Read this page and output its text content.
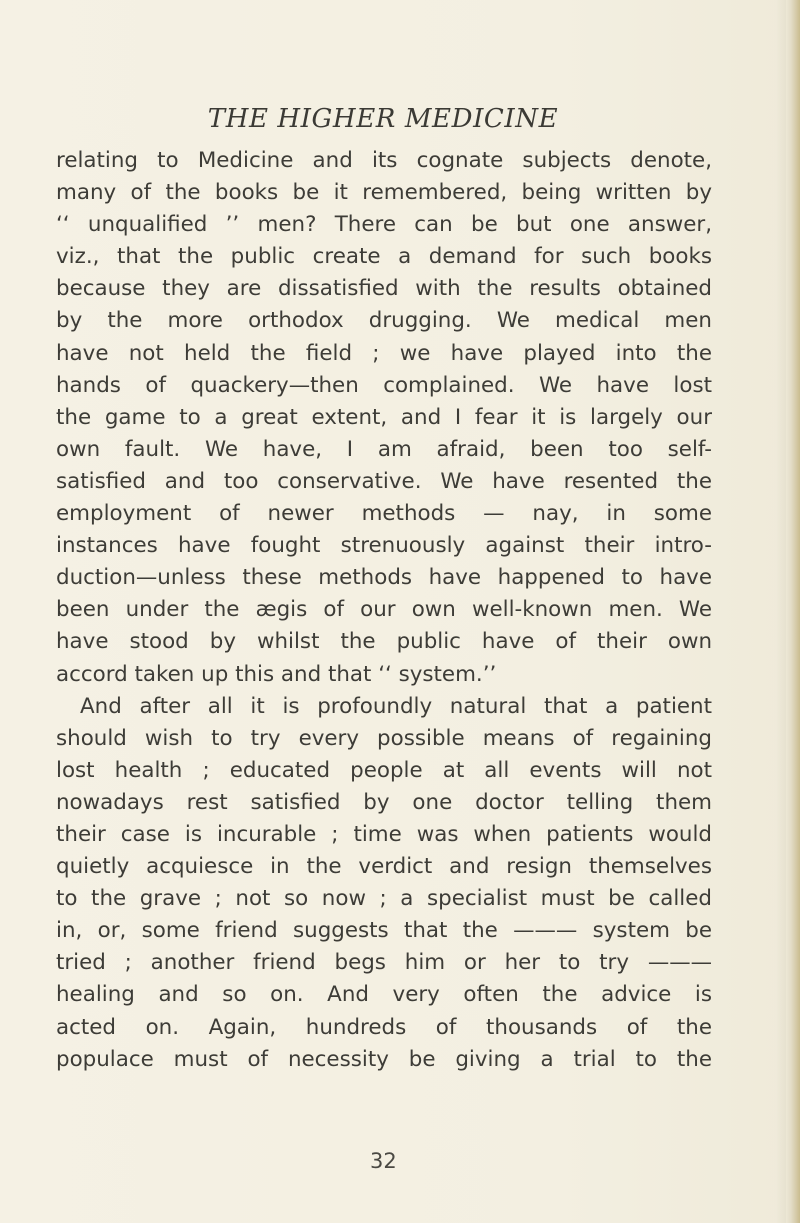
THE HIGHER MEDICINE
relating to Medicine and its cognate subjects denote,
many of the books be it remembered, being written by
‘‘ unqualified ’’ men? There can be but one answer,
viz., that the public create a demand for such books
because they are dissatisfied with the results obtained
by the more orthodox drugging. We medical men
have not held the field ; we have played into the
hands of quackery—then complained. We have lost
the game to a great extent, and I fear it is largely our
own fault. We have, I am afraid, been too self-
satisfied and too conservative. We have resented the
employment of newer methods — nay, in some
instances have fought strenuously against their intro-
duction—unless these methods have happened to have
been under the ægis of our own well-known men. We
have stood by whilst the public have of their own
accord taken up this and that ‘‘ system.’’
And after all it is profoundly natural that a patient
should wish to try every possible means of regaining
lost health ; educated people at all events will not
nowadays rest satisfied by one doctor telling them
their case is incurable ; time was when patients would
quietly acquiesce in the verdict and resign themselves
to the grave ; not so now ; a specialist must be called
in, or, some friend suggests that the ——— system be
tried ; another friend begs him or her to try ———
healing and so on. And very often the advice is
acted on. Again, hundreds of thousands of the
populace must of necessity be giving a trial to the
32
